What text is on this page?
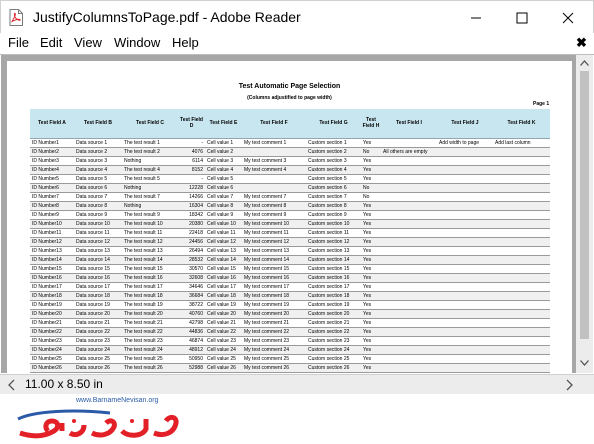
JustifyColumnsToPage.pdf - Adobe Reader
File Edit View Window Help	✖
Test Automatic Page Selection
(Columns adjustified to page width)
Page 1
Test Field A	Test Field B	Test Field C	Test Field D	Test Field E	Test Field F	Test Field G	Test Field H	Test Field I	Test Field J	Test Field K
ID Number1	Data source 1	The test result 1	-	Cell value 1	My test comment 1	Custom section 1	Yes		Add width to page	Add last column
ID Number2	Data source 2	The test result 2	4076	Cell value 2		Custom section 2	No	All others are empty		
ID Number3	Data source 3	Nothing	6114	Cell value 3	My test comment 3	Custom section 3	Yes			
ID Number4	Data source 4	The test result 4	8152	Cell value 4	My test comment 4	Custom section 4	Yes			
ID Number5	Data source 5	The test result 5	-	Cell value 5		Custom section 5	Yes			
ID Number6	Data source 6	Nothing	12228	Cell value 6		Custom section 6	No			
ID Number7	Data source 7	The test result 7	14266	Cell value 7	My test comment 7	Custom section 7	No			
ID Number8	Data source 8	Nothing	16304	Cell value 8	My test comment 8	Custom section 8	Yes			
ID Number9	Data source 9	The test result 9	18342	Cell value 9	My test comment 9	Custom section 9	Yes			
ID Number10	Data source 10	The test result 10	20380	Cell value 10	My test comment 10	Custom section 10	Yes			
ID Number11	Data source 11	The test result 11	22418	Cell value 11	My test comment 11	Custom section 11	Yes			
ID Number12	Data source 12	The test result 12	24456	Cell value 12	My test comment 12	Custom section 12	Yes			
ID Number13	Data source 13	The test result 13	26494	Cell value 13	My test comment 13	Custom section 13	Yes			
ID Number14	Data source 14	The test result 14	28532	Cell value 14	My test comment 14	Custom section 14	Yes			
ID Number15	Data source 15	The test result 15	30570	Cell value 15	My test comment 15	Custom section 15	Yes			
ID Number16	Data source 16	The test result 16	32608	Cell value 16	My test comment 16	Custom section 16	Yes			
ID Number17	Data source 17	The test result 17	34646	Cell value 17	My test comment 17	Custom section 17	Yes			
ID Number18	Data source 18	The test result 18	36684	Cell value 18	My test comment 18	Custom section 18	Yes			
ID Number19	Data source 19	The test result 19	38722	Cell value 19	My test comment 19	Custom section 19	Yes			
ID Number20	Data source 20	The test result 20	40760	Cell value 20	My test comment 20	Custom section 20	Yes			
ID Number21	Data source 21	The test result 21	42798	Cell value 21	My test comment 21	Custom section 21	Yes			
ID Number22	Data source 22	The test result 22	44836	Cell value 22	My test comment 22	Custom section 22	Yes			
ID Number23	Data source 23	The test result 23	46874	Cell value 23	My test comment 23	Custom section 23	Yes			
ID Number24	Data source 24	The test result 24	48912	Cell value 24	My test comment 24	Custom section 24	Yes			
ID Number25	Data source 25	The test result 25	50950	Cell value 25	My test comment 25	Custom section 25	Yes			
ID Number26	Data source 26	The test result 26	52988	Cell value 26	My test comment 26	Custom section 26	Yes			
11.00 x 8.50 in
www.BarnameNevisan.org
